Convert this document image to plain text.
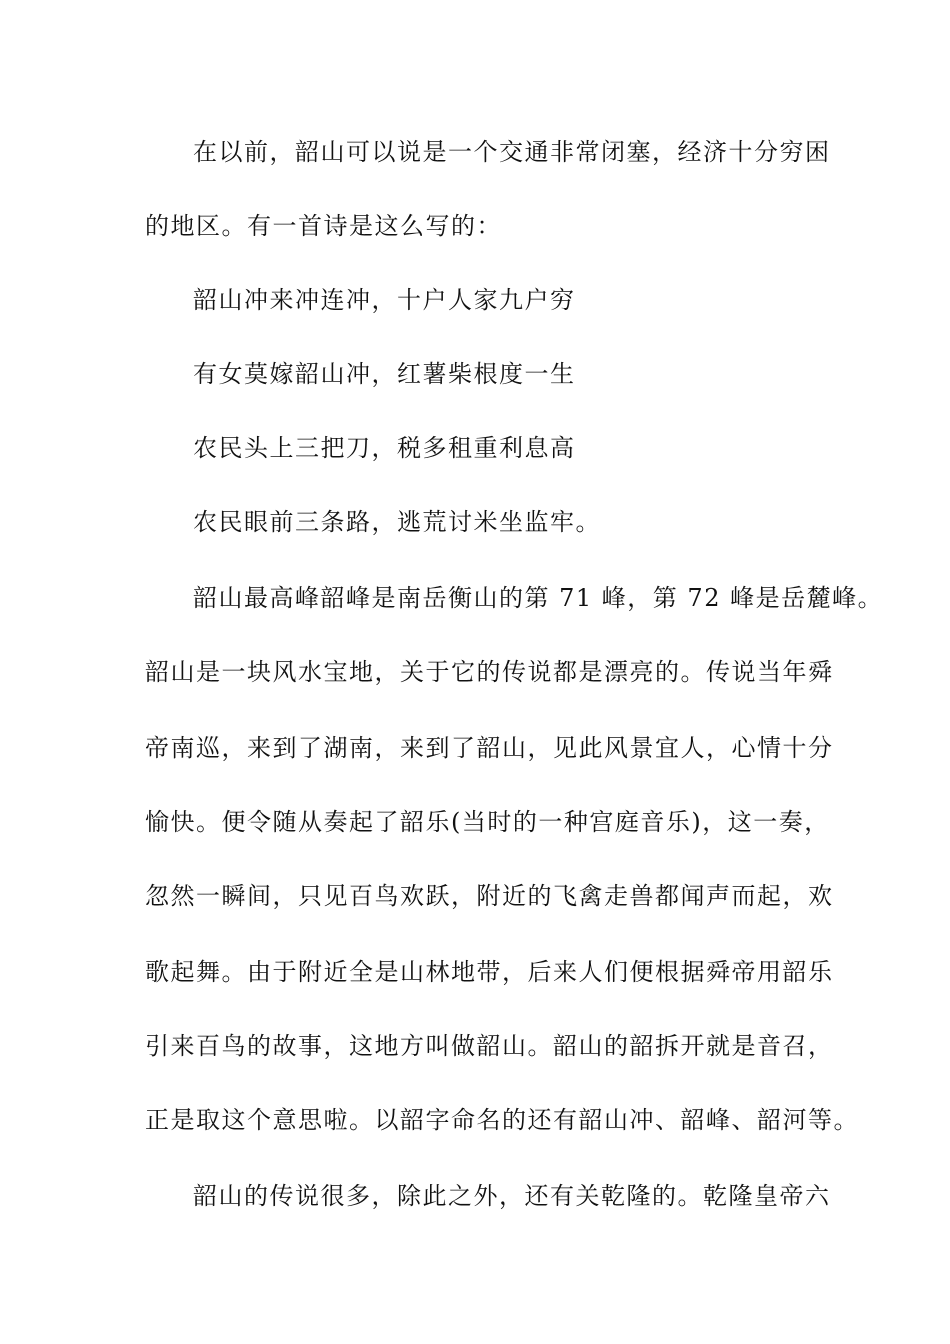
在以前，韶山可以说是一个交通非常闭塞，经济十分穷困
的地区。有一首诗是这么写的：
韶山冲来冲连冲，十户人家九户穷
有女莫嫁韶山冲，红薯柴根度一生
农民头上三把刀，税多租重利息高
农民眼前三条路，逃荒讨米坐监牢。
韶山最高峰韶峰是南岳衡山的第 71 峰，第 72 峰是岳麓峰。
韶山是一块风水宝地，关于它的传说都是漂亮的。传说当年舜
帝南巡，来到了湖南，来到了韶山，见此风景宜人，心情十分
愉快。便令随从奏起了韶乐(当时的一种宫庭音乐)，这一奏，
忽然一瞬间，只见百鸟欢跃，附近的飞禽走兽都闻声而起，欢
歌起舞。由于附近全是山林地带，后来人们便根据舜帝用韶乐
引来百鸟的故事，这地方叫做韶山。韶山的韶拆开就是音召，
正是取这个意思啦。以韶字命名的还有韶山冲、韶峰、韶河等。
韶山的传说很多，除此之外，还有关乾隆的。乾隆皇帝六
